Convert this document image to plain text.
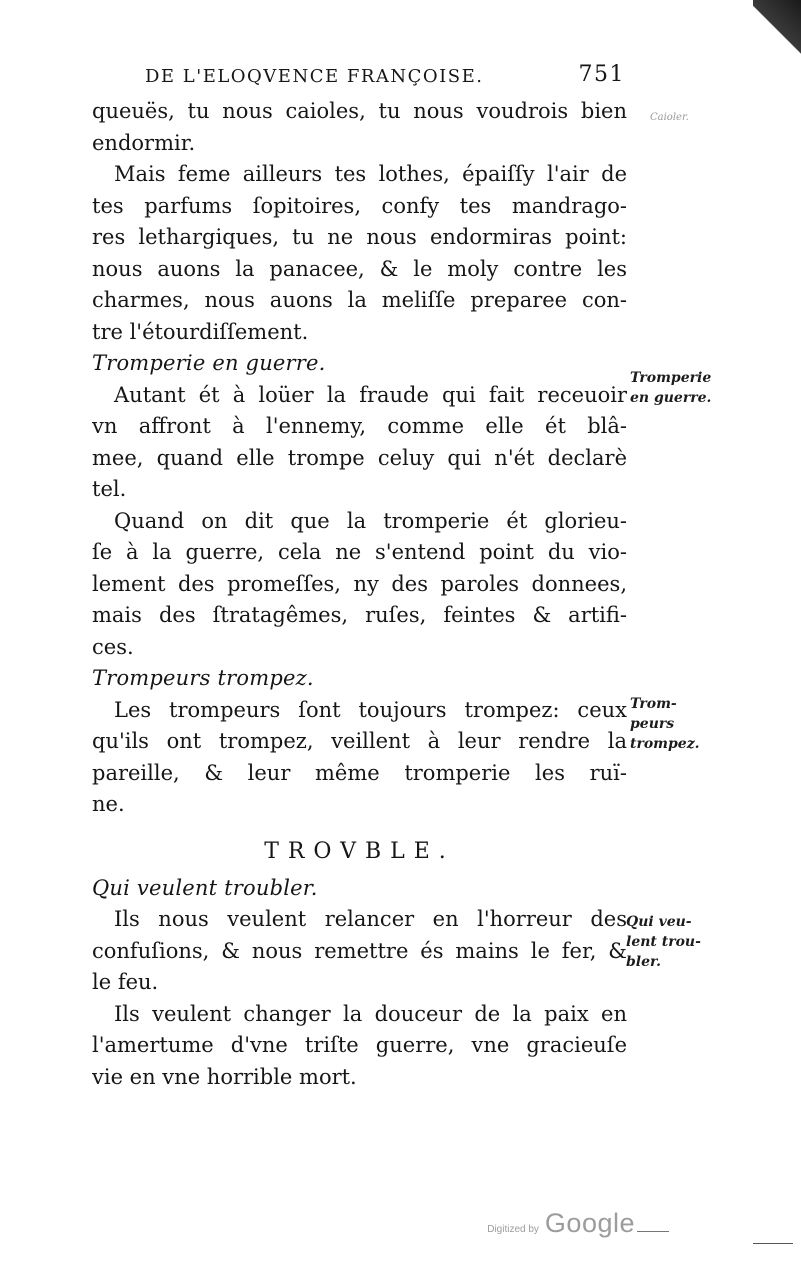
DE L'ELOQVENCE FRANÇOISE.	751
queuës, tu nous caioles, tu nous voudrois bien
endormir.
Mais feme ailleurs tes lothes, épaiſſy l'air de
tes parfums ſopitoires, confy tes mandrago-
res lethargiques, tu ne nous endormiras point:
nous auons la panacee, & le moly contre les
charmes, nous auons la meliſſe preparee con-
tre l'étourdiſſement.
Tromperie en guerre.
Autant ét à loüer la fraude qui fait receuoir
vn affront à l'ennemy, comme elle ét blâ-
mee, quand elle trompe celuy qui n'ét declarè
tel.
Quand on dit que la tromperie ét glorieu-
ſe à la guerre, cela ne s'entend point du vio-
lement des promeſſes, ny des paroles donnees,
mais des ſtratagêmes, ruſes, feintes & artifi-
ces.
Trompeurs trompez.
Les trompeurs ſont toujours trompez: ceux
qu'ils ont trompez, veillent à leur rendre la
pareille, & leur même tromperie les ruï-
ne.
TROVBLE.
Qui veulent troubler.
Ils nous veulent relancer en l'horreur des
confuſions, & nous remettre és mains le fer, &
le feu.
Ils veulent changer la douceur de la paix en
l'amertume d'vne triſte guerre, vne gracieuſe
vie en vne horrible mort.
Caioler.
Tromperie
en guerre.
Trom-
peurs
trompez.
Qui veu-
lent trou-
bler.
Digitized by Google
